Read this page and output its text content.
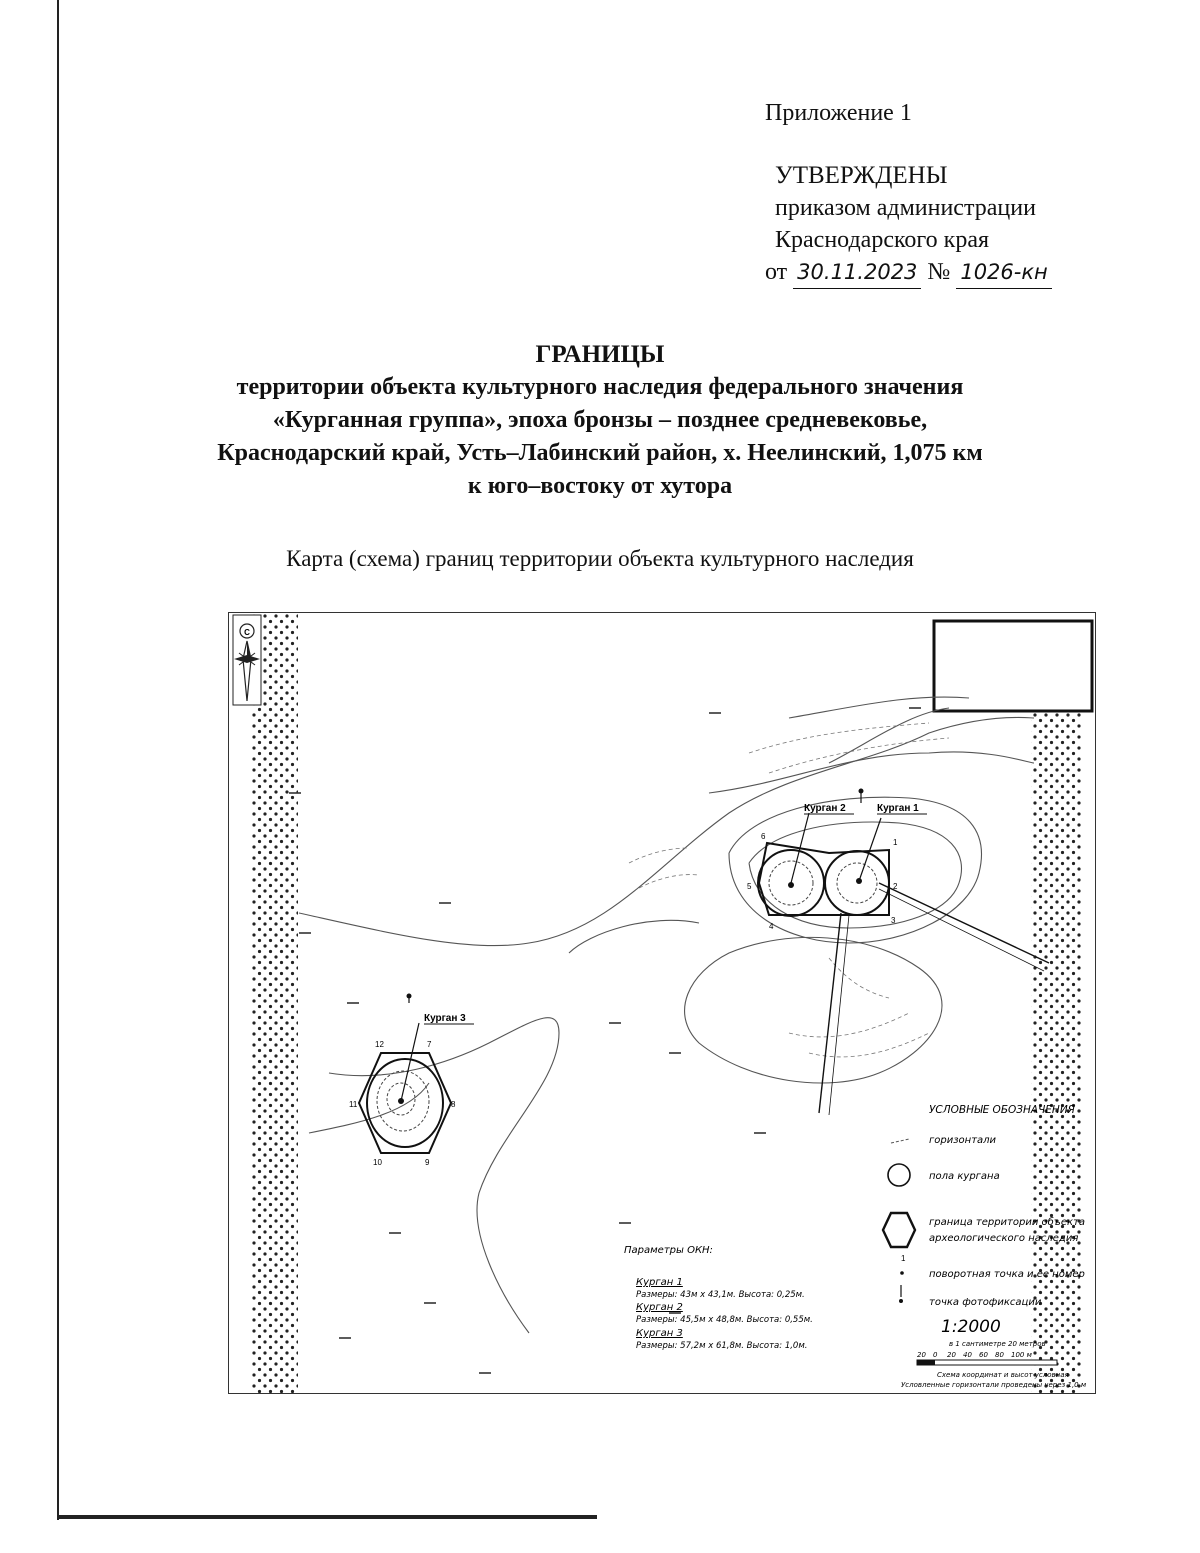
Приложение 1
УТВЕРЖДЕНЫ
приказом администрации
Краснодарского края
от 30.11.2023 № 1026-кн
ГРАНИЦЫ
территории объекта культурного наследия федерального значения
«Курганная группа», эпоха бронзы – позднее средневековье,
Краснодарский край, Усть–Лабинский район, х. Неелинский, 1,075 км
к юго–востоку от хутора
Карта (схема) границ территории объекта культурного наследия
С
Курган 2	Курган 1
Курган 3
1
2
3
4
5
6
7
8
9
10
11
12
УСЛОВНЫЕ ОБОЗНАЧЕНИЯ
горизонтали
пола кургана
граница территории объекта
археологического наследия
1
поворотная точка и ее номер
точка фотофиксации
1:2000
в 1 сантиметре 20 метров
20 0 20 40 60 80 100 м
Схема координат и высот условная
Условленные горизонтали проведены через 1,0 м
Параметры ОКН:
Курган 1
Размеры: 43м х 43,1м. Высота: 0,25м.
Курган 2
Размеры: 45,5м х 48,8м. Высота: 0,55м.
Курган 3
Размеры: 57,2м х 61,8м. Высота: 1,0м.
